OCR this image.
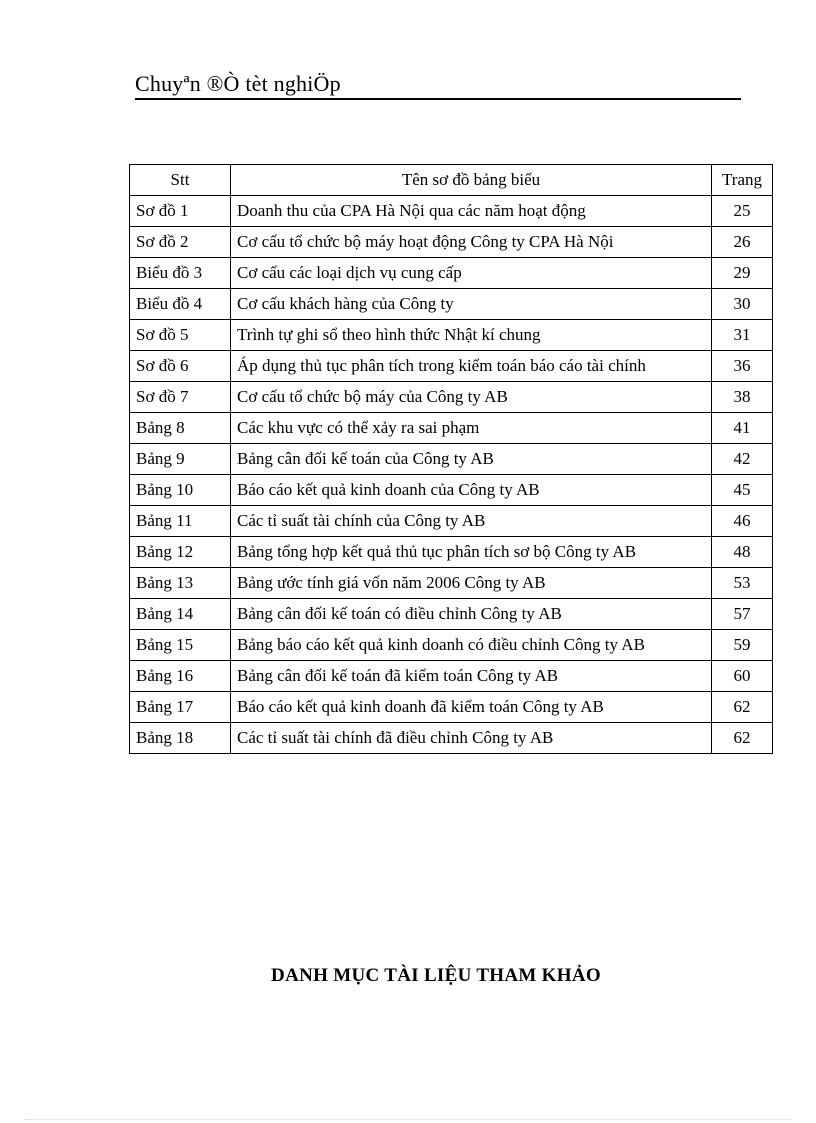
Chuyªn ®Ò tèt nghiÖp
Stt	Tên sơ đồ bảng biểu	Trang
Sơ đồ 1	Doanh thu của CPA Hà Nội qua các năm hoạt động	25
Sơ đồ 2	Cơ cấu tổ chức bộ máy hoạt động Công ty CPA Hà Nội	26
Biểu đồ 3	Cơ cấu các loại dịch vụ cung cấp	29
Biểu đồ 4	Cơ cấu khách hàng của Công ty	30
Sơ đồ 5	Trình tự ghi sổ theo hình thức Nhật kí chung	31
Sơ đồ 6	Áp dụng thủ tục phân tích trong kiểm toán báo cáo tài chính	36
Sơ đồ 7	Cơ cấu tổ chức bộ máy của Công ty AB	38
Bảng 8	Các khu vực có thể xảy ra sai phạm	41
Bảng 9	Bảng cân đối kế toán của Công ty AB	42
Bảng 10	Báo cáo kết quả kinh doanh của Công ty AB	45
Bảng 11	Các tỉ suất tài chính của Công ty AB	46
Bảng 12	Bảng tổng hợp kết quả thủ tục phân tích sơ bộ Công ty AB	48
Bảng 13	Bảng ước tính giá vốn năm 2006 Công ty AB	53
Bảng 14	Bảng cân đối kế toán có điều chỉnh Công ty AB	57
Bảng 15	Bảng báo cáo kết quả kinh doanh có điều chỉnh Công ty AB	59
Bảng 16	Bảng cân đối kế toán đã kiểm toán Công ty AB	60
Bảng 17	Báo cáo kết quả kinh doanh đã kiểm toán Công ty AB	62
Bảng 18	Các tỉ suất tài chính đã điều chỉnh Công ty AB	62
DANH MỤC TÀI LIỆU THAM KHẢO
